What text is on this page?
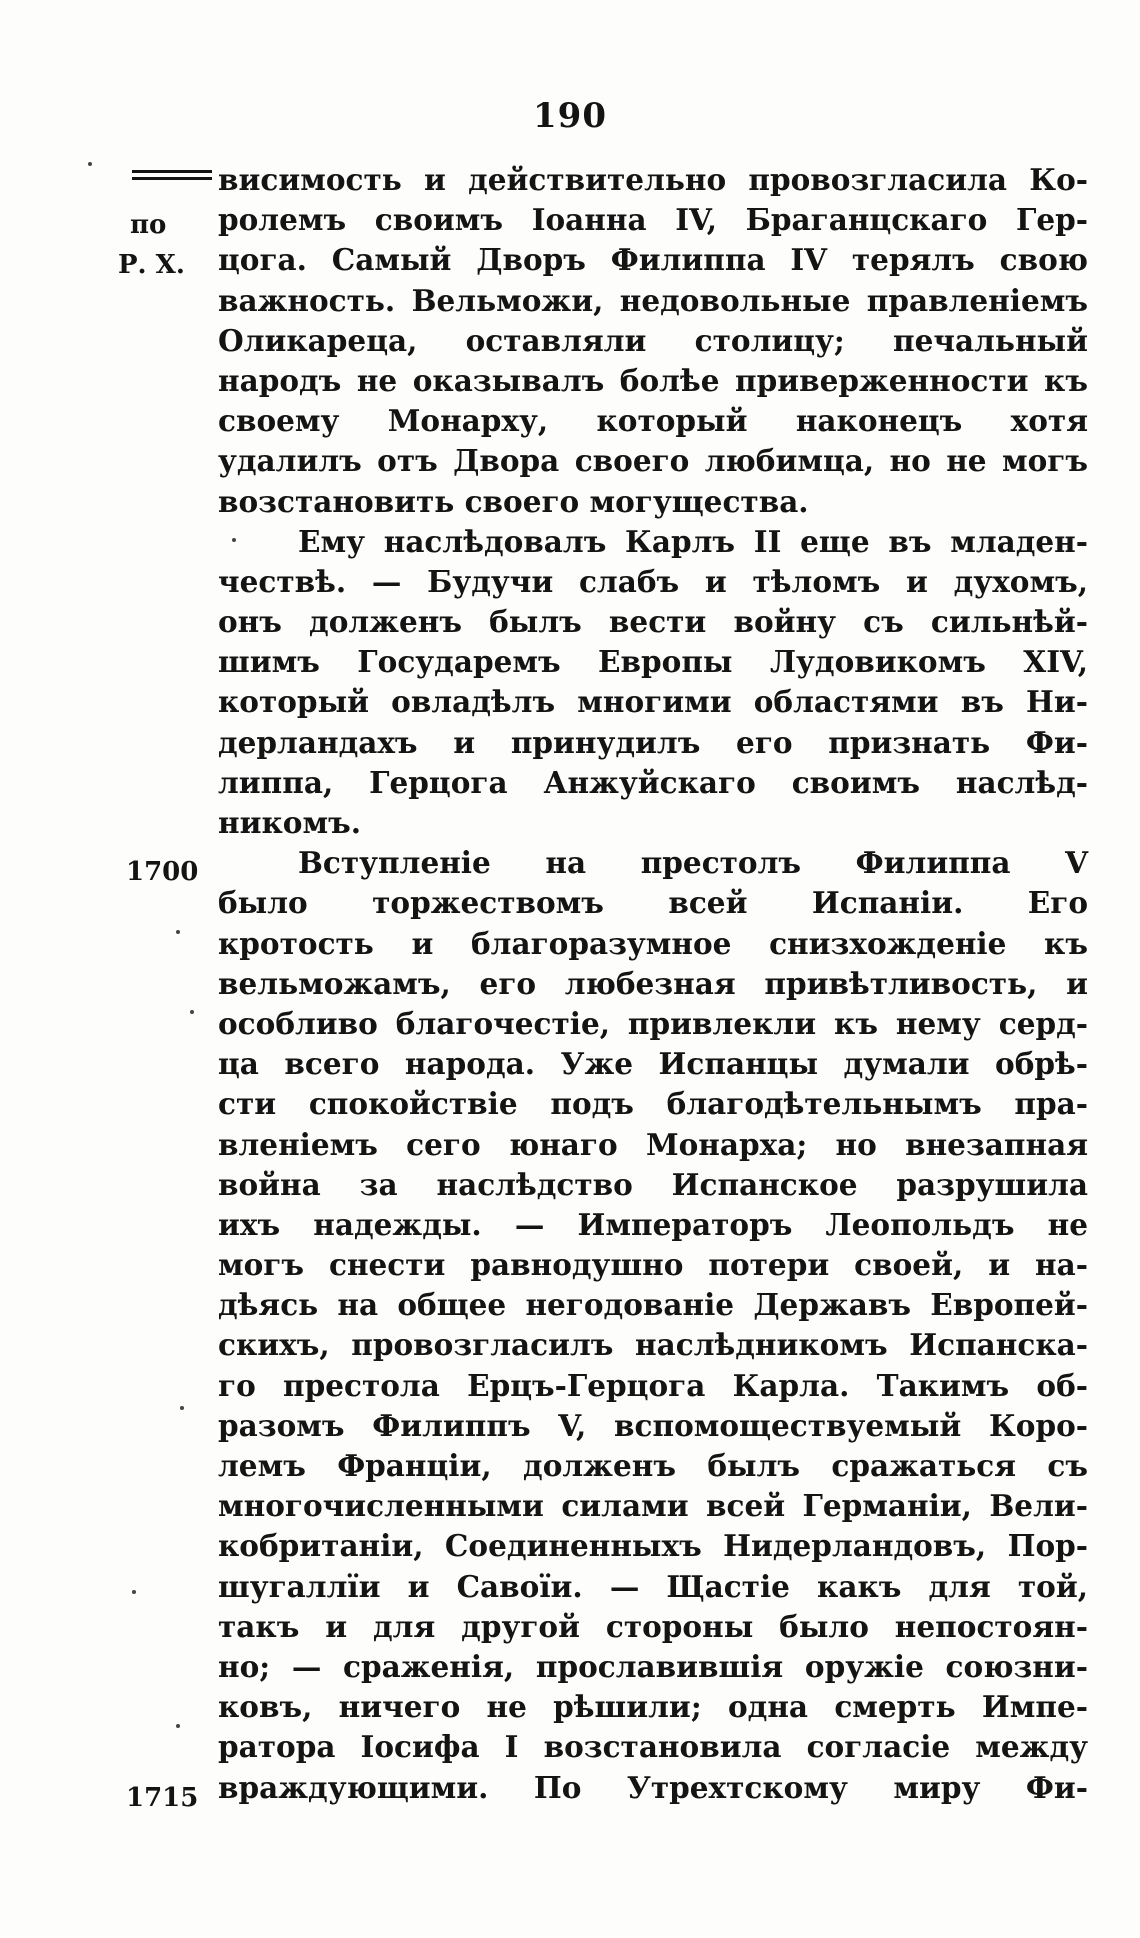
190
по
Р. Х.
1700
1715
висимость и действительно провозгласила Ко-
ролемъ своимъ Іоанна IV, Браганцскаго Гер-
цога. Самый Дворъ Филиппа IV терялъ свою
важность. Вельможи, недовольные правленіемъ
Оликареца, оставляли столицу; печальный
народъ не оказывалъ болѣе приверженности къ
своему Монарху, который наконецъ хотя
удалилъ отъ Двора своего любимца, но не могъ
возстановить своего могущества.
Ему наслѣдовалъ Карлъ II еще въ младен-
чествѣ. — Будучи слабъ и тѣломъ и духомъ,
онъ долженъ былъ вести войну съ сильнѣй-
шимъ Государемъ Европы Лудовикомъ XIV,
который овладѣлъ многими областями въ Ни-
дерландахъ и принудилъ его признать Фи-
липпа, Герцога Анжуйскаго своимъ наслѣд-
никомъ.
Вступленіе на престолъ Филиппа V
было торжествомъ всей Испаніи. Его
кротость и благоразумное снизхожденіе къ
вельможамъ, его любезная привѣтливость, и
особливо благочестіе, привлекли къ нему серд-
ца всего народа. Уже Испанцы думали обрѣ-
сти спокойствіе подъ благодѣтельнымъ пра-
вленіемъ сего юнаго Монарха; но внезапная
война за наслѣдство Испанское разрушила
ихъ надежды. — Императоръ Леопольдъ не
могъ снести равнодушно потери своей, и на-
дѣясь на общее негодованіе Державъ Европей-
скихъ, провозгласилъ наслѣдникомъ Испанска-
го престола Ерцъ-Герцога Карла. Такимъ об-
разомъ Филиппъ V, вспомоществуемый Коро-
лемъ Франціи, долженъ былъ сражаться съ
многочисленными силами всей Германіи, Вели-
кобританіи, Соединенныхъ Нидерландовъ, Пор-
шугаллїи и Савоїи. — Щастіе какъ для той,
такъ и для другой стороны было непостоян-
но; — сраженія, прославившія оружіе союзни-
ковъ, ничего не рѣшили; одна смерть Импе-
ратора Іосифа I возстановила согласіе между
враждующими. По Утрехтскому миру Фи-
